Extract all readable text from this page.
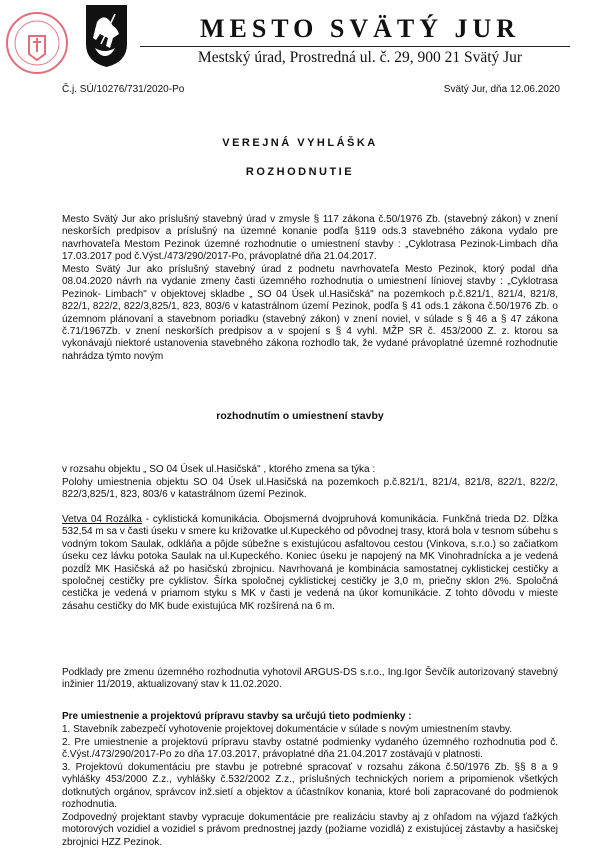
MESTO SVÄTÝ JUR
Mestský úrad, Prostredná ul. č. 29, 900 21 Svätý Jur
Č.j. SÚ/10276/731/2020-Po	Svätý Jur, dňa 12.06.2020
VEREJNÁ VYHLÁŠKA
ROZHODNUTIE

Mesto Svätý Jur ako príslušný stavebný úrad v zmysle § 117 zákona č.50/1976 Zb. (stavebný zákon) v znení neskorších predpisov a príslušný na územné konanie podľa §119 ods.3 stavebného zákona vydalo pre navrhovateľa Mestom Pezinok územné rozhodnutie o umiestnení stavby : „Cyklotrasa Pezinok-Limbach dňa 17.03.2017 pod č.Výst./473/290/2017-Po, právoplatné dňa 21.04.2017.

Mesto Svätý Jur ako príslušný stavebný úrad z podnetu navrhovateľa Mesto Pezinok, ktorý podal dňa 08.04.2020 návrh na vydanie zmeny časti územného rozhodnutia o umiestnení líniovej stavby : „Cyklotrasa Pezinok- Limbach" v objektovej skladbe „ SO 04 Úsek ul.Hasičská" na pozemkoch p.č.821/1, 821/4, 821/8, 822/1, 822/2, 822/3,825/1, 823, 803/6 v katastrálnom území Pezinok, podľa § 41 ods.1 zákona č.50/1976 Zb. o územnom plánovaní a stavebnom poriadku (stavebný zákon) v znení noviel, v súlade s § 46 a § 47 zákona č.71/1967Zb. v znení neskorších predpisov a v spojení s § 4 vyhl. MŽP SR č. 453/2000 Z. z. ktorou sa vykonávajú niektoré ustanovenia stavebného zákona rozhodlo tak, že vydané právoplatné územné rozhodnutie nahrádza týmto novým

rozhodnutím o umiestnení stavby

v rozsahu objektu „ SO 04 Úsek ul.Hasičská" , ktorého zmena sa týka :

Polohy umiestnenia objektu SO 04 Úsek ul.Hasičská na pozemkoch p.č.821/1, 821/4, 821/8, 822/1, 822/2, 822/3,825/1, 823, 803/6 v katastrálnom území Pezinok.

Vetva 04 Rozálka - cyklistická komunikácia. Obojsmerná dvojpruhová komunikácia. Funkčná trieda D2. Dĺžka 532,54 m sa v časti úseku v smere ku križovatke ul.Kupeckého od pôvodnej trasy, ktorá bola v tesnom súbehu s vodným tokom Saulak, odkláňa a pôjde súbežne s existujúcou asfaltovou cestou (Vinkova, s.r.o.) so začiatkom úseku cez lávku potoka Saulak na ul.Kupeckého. Koniec úseku je napojený na MK Vinohradnícka a je vedená pozdĺž MK Hasičská až po hasičskú zbrojnicu. Navrhovaná je kombinácia samostatnej cyklistickej cestičky a spoločnej cestičky pre cyklistov. Šírka spoločnej cyklistickej cestičky je 3,0 m, priečny sklon 2%. Spoločná cestička je vedená v priamom styku s MK v časti je vedená na úkor komunikácie. Z tohto dôvodu v mieste zásahu cestičky do MK bude existujúca MK rozšírená na 6 m.

Podklady pre zmenu územného rozhodnutia vyhotovil ARGUS-DS s.r.o., Ing.Igor Ševčík autorizovaný stavebný inžinier 11/2019, aktualizovaný stav k 11.02.2020.

Pre umiestnenie a projektovú prípravu stavby sa určujú tieto podmienky :

1. Stavebník zabezpečí vyhotovenie projektovej dokumentácie v súlade s novým umiestnením stavby.

2. Pre umiestnenie a projektovú prípravu stavby ostatné podmienky vydaného územného rozhodnutia pod č. č.Výst./473/290/2017-Po zo dňa 17.03.2017, právoplatné dňa 21.04.2017 zostávajú v platnosti.

3. Projektovú dokumentáciu pre stavbu je potrebné spracovať v rozsahu zákona č.50/1976 Zb. §§ 8 a 9 vyhlášky 453/2000 Z.z., vyhlášky č.532/2002 Z.z., príslušných technických noriem a pripomienok všetkých dotknutých orgánov, správcov inž.sietí a objektov a účastníkov konania, ktoré boli zapracované do podmienok rozhodnutia.

Zodpovedný projektant stavby vypracuje dokumentácie pre realizáciu stavby aj z ohľadom na výjazd ťažkých motorových vozidiel a vozidiel s právom prednostnej jazdy (požiarne vozidlá) z existujúcej zástavby a hasičskej zbrojnici HZZ Pezinok.
